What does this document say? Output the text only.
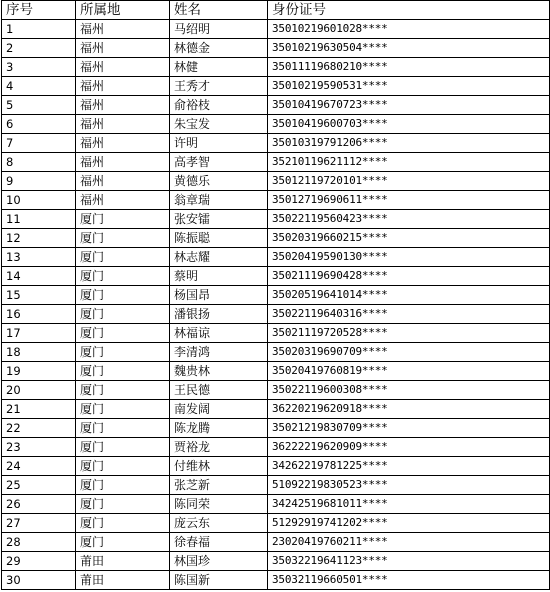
序号	所属地	姓名	身份证号
1	福州	马绍明	35010219601028****
2	福州	林德金	35010219630504****
3	福州	林健	35011119680210****
4	福州	王秀才	35010219590531****
5	福州	俞裕枝	35010419670723****
6	福州	朱宝发	35010419600703****
7	福州	许明	35010319791206****
8	福州	高孝智	35210119621112****
9	福州	黄德乐	35012119720101****
10	福州	翁章瑞	35012719690611****
11	厦门	张安镭	35022119560423****
12	厦门	陈振聪	35020319660215****
13	厦门	林志耀	35020419590130****
14	厦门	蔡明	35021119690428****
15	厦门	杨国昂	35020519641014****
16	厦门	潘银扬	35022119640316****
17	厦门	林福谅	35021119720528****
18	厦门	李清鸿	35020319690709****
19	厦门	魏贵林	35020419760819****
20	厦门	王民德	35022119600308****
21	厦门	南发阔	36220219620918****
22	厦门	陈龙腾	35021219830709****
23	厦门	贾裕龙	36222219620909****
24	厦门	付维林	34262219781225****
25	厦门	张芝新	51092219830523****
26	厦门	陈同荣	34242519681011****
27	厦门	庞云东	51292919741202****
28	厦门	徐春福	23020419760211****
29	莆田	林国珍	35032219641123****
30	莆田	陈国新	35032119660501****
